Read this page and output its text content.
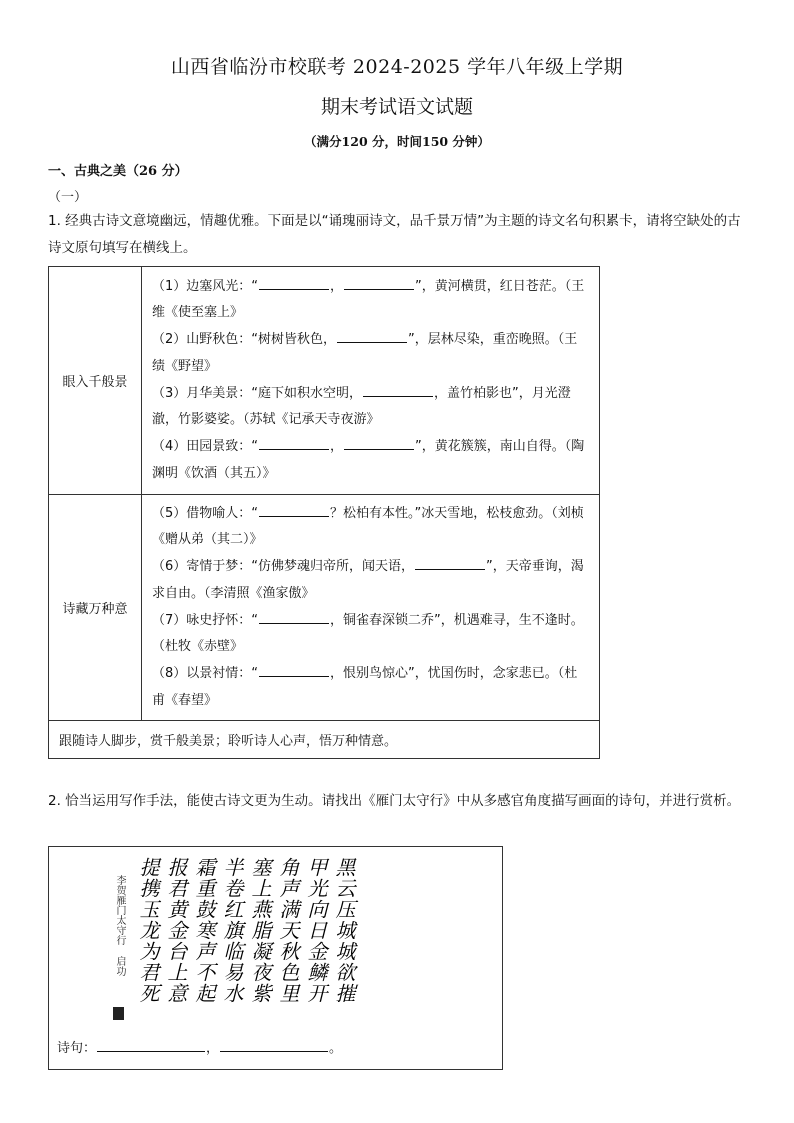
山西省临汾市校联考 2024-2025 学年八年级上学期
期末考试语文试题
（满分120 分，时间150 分钟）
一、古典之美（26 分）
（一）
1. 经典古诗文意境幽远，情趣优雅。下面是以“诵瑰丽诗文，品千景万情”为主题的诗文名句积累卡，请将空缺处的古诗文原句填写在横线上。
眼入千般景	（1）边塞风光：“ ， ”，黄河横贯，红日苍茫。（王维《使至塞上》
（2）山野秋色：“树树皆秋色， ”，层林尽染，重峦晚照。（王绩《野望》
（3）月华美景：“庭下如积水空明， ，盖竹柏影也”，月光澄澈，竹影婆娑。（苏轼《记承天寺夜游》
（4）田园景致：“ ， ”，黄花簇簇，南山自得。（陶渊明《饮酒（其五）》

诗藏万种意	（5）借物喻人：“ ？松柏有本性。”冰天雪地，松枝愈劲。（刘桢《赠从弟（其二）》
（6）寄情于梦：“仿佛梦魂归帝所，闻天语， ”，天帝垂询，渴求自由。（李清照《渔家傲》
（7）咏史抒怀：“ ，铜雀春深锁二乔”，机遇难寻，生不逢时。（杜牧《赤壁》
（8）以景衬情：“ ，恨别鸟惊心”，忧国伤时，念家悲已。（杜甫《春望》

跟随诗人脚步，赏千般美景；聆听诗人心声，悟万种情意。	
2. 恰当运用写作手法，能使古诗文更为生动。请找出《雁门太守行》中从多感官角度描写画面的诗句，并进行赏析。
黑云压城城欲摧
甲光向日金鳞开
角声满天秋色里
塞上燕脂凝夜紫
半卷红旗临易水
霜重鼓寒声不起
报君黄金台上意
提携玉龙为君死
李贺雁门太守行 启功
诗句：	，	。
